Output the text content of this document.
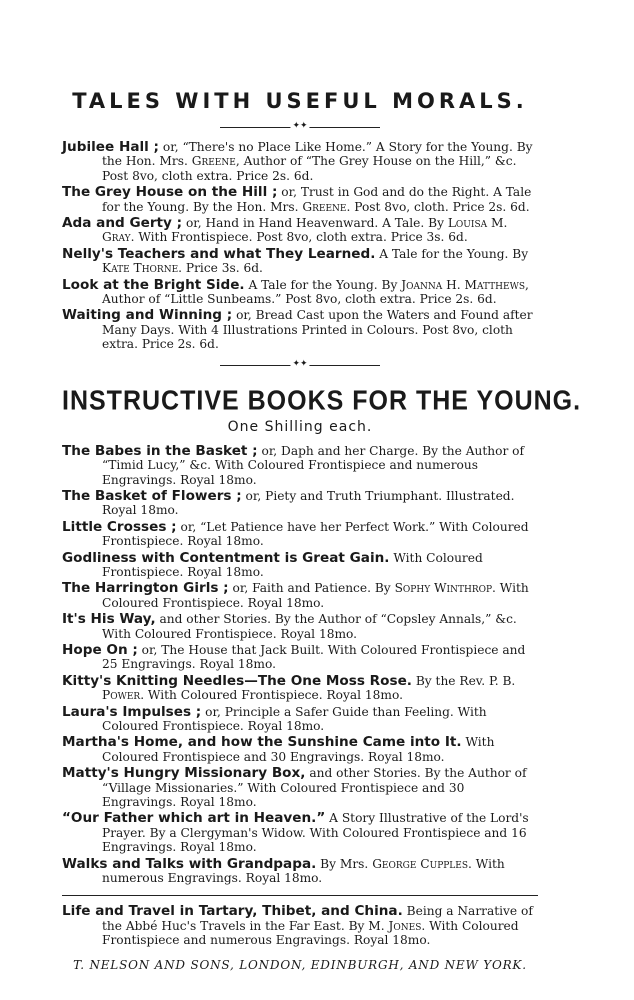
TALES WITH USEFUL MORALS.
✦✦

Jubilee Hall ; or, “There's no Place Like Home.” A Story for the Young. By the Hon. Mrs. Greene, Author of “The Grey House on the Hill,” &c. Post 8vo, cloth extra. Price 2s. 6d.

The Grey House on the Hill ; or, Trust in God and do the Right. A Tale for the Young. By the Hon. Mrs. Greene. Post 8vo, cloth. Price 2s. 6d.

Ada and Gerty ; or, Hand in Hand Heavenward. A Tale. By Louisa M. Gray. With Frontispiece. Post 8vo, cloth extra. Price 3s. 6d.

Nelly's Teachers and what They Learned. A Tale for the Young. By Kate Thorne. Price 3s. 6d.

Look at the Bright Side. A Tale for the Young. By Joanna H. Matthews, Author of “Little Sunbeams.” Post 8vo, cloth extra. Price 2s. 6d.

Waiting and Winning ; or, Bread Cast upon the Waters and Found after Many Days. With 4 Illustrations Printed in Colours. Post 8vo, cloth extra. Price 2s. 6d.

✦✦
INSTRUCTIVE BOOKS FOR THE YOUNG.
One Shilling each.

The Babes in the Basket ; or, Daph and her Charge. By the Author of “Timid Lucy,” &c. With Coloured Frontispiece and numerous Engravings. Royal 18mo.

The Basket of Flowers ; or, Piety and Truth Triumphant. Illustrated. Royal 18mo.

Little Crosses ; or, “Let Patience have her Perfect Work.” With Coloured Frontispiece. Royal 18mo.

Godliness with Contentment is Great Gain. With Coloured Frontispiece. Royal 18mo.

The Harrington Girls ; or, Faith and Patience. By Sophy Winthrop. With Coloured Frontispiece. Royal 18mo.

It's His Way, and other Stories. By the Author of “Copsley Annals,” &c. With Coloured Frontispiece. Royal 18mo.

Hope On ; or, The House that Jack Built. With Coloured Frontispiece and 25 Engravings. Royal 18mo.

Kitty's Knitting Needles—The One Moss Rose. By the Rev. P. B. Power. With Coloured Frontispiece. Royal 18mo.

Laura's Impulses ; or, Principle a Safer Guide than Feeling. With Coloured Frontispiece. Royal 18mo.

Martha's Home, and how the Sunshine Came into It. With Coloured Frontispiece and 30 Engravings. Royal 18mo.

Matty's Hungry Missionary Box, and other Stories. By the Author of “Village Missionaries.” With Coloured Frontispiece and 30 Engravings. Royal 18mo.

“Our Father which art in Heaven.” A Story Illustrative of the Lord's Prayer. By a Clergyman's Widow. With Coloured Frontispiece and 16 Engravings. Royal 18mo.

Walks and Talks with Grandpapa. By Mrs. George Cupples. With numerous Engravings. Royal 18mo.

Life and Travel in Tartary, Thibet, and China. Being a Narrative of the Abbé Huc's Travels in the Far East. By M. Jones. With Coloured Frontispiece and numerous Engravings. Royal 18mo.

T. NELSON AND SONS, LONDON, EDINBURGH, AND NEW YORK.
